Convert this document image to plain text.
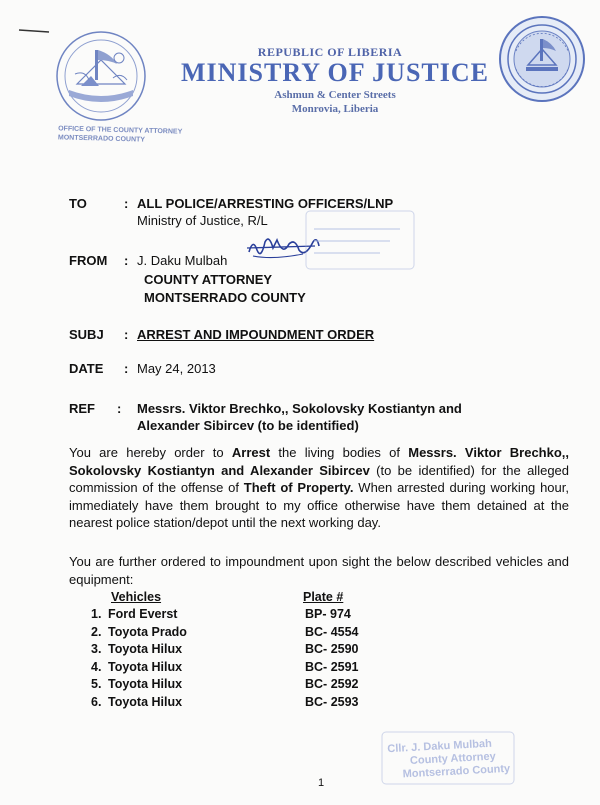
REPUBLIC OF LIBERIA
MINISTRY OF JUSTICE
Ashmun & Center Streets
Monrovia, Liberia
OFFICE OF THE COUNTY ATTORNEY
MONTSERRADO COUNTY
TO	: ALL POLICE/ARRESTING OFFICERS/LNP
Ministry of Justice, R/L
FROM : J. Daku Mulbah
COUNTY ATTORNEY
MONTSERRADO COUNTY
SUBJ : ARREST AND IMPOUNDMENT ORDER
DATE : May 24, 2013
REF : Messrs. Viktor Brechko,, Sokolovsky Kostiantyn and
Alexander Sibircev (to be identified)
You are hereby order to Arrest the living bodies of Messrs. Viktor Brechko,, Sokolovsky Kostiantyn and Alexander Sibircev (to be identified) for the alleged commission of the offense of Theft of Property. When arrested during working hour, immediately have them brought to my office otherwise have them detained at the nearest police station/depot until the next working day.
You are further ordered to impoundment upon sight the below described vehicles and equipment:
Vehicles	Plate #
1. Ford Everst	BP- 974
2. Toyota Prado	BC- 4554
3. Toyota Hilux	BC- 2590
4. Toyota Hilux	BC- 2591
5. Toyota Hilux	BC- 2592
6. Toyota Hilux	BC- 2593
Cllr. J. Daku Mulbah
County Attorney
Montserrado County
1
